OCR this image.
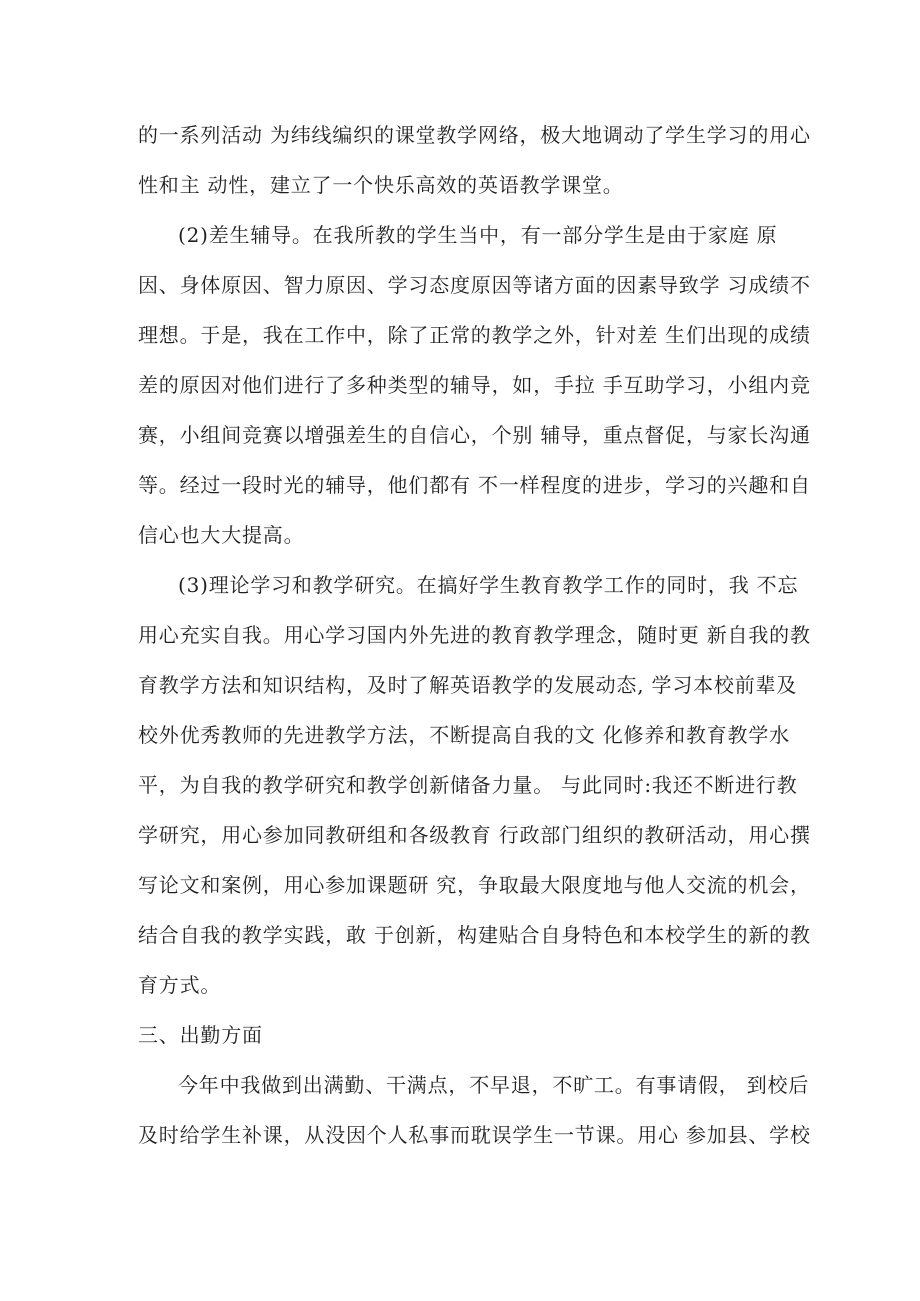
的一系列活动 为纬线编织的课堂教学网络，极大地调动了学生学习的用心
性和主 动性，建立了一个快乐高效的英语教学课堂。
(2)差生辅导。在我所教的学生当中，有一部分学生是由于家庭 原
因、身体原因、智力原因、学习态度原因等诸方面的因素导致学 习成绩不
理想。于是，我在工作中，除了正常的教学之外，针对差 生们出现的成绩
差的原因对他们进行了多种类型的辅导，如，手拉 手互助学习，小组内竞
赛，小组间竞赛以增强差生的自信心，个别 辅导，重点督促，与家长沟通
等。经过一段时光的辅导，他们都有 不一样程度的进步，学习的兴趣和自
信心也大大提高。
(3)理论学习和教学研究。在搞好学生教育教学工作的同时，我 不忘
用心充实自我。用心学习国内外先进的教育教学理念，随时更 新自我的教
育教学方法和知识结构，及时了解英语教学的发展动态, 学习本校前辈及
校外优秀教师的先进教学方法，不断提高自我的文 化修养和教育教学水
平，为自我的教学研究和教学创新储备力量。 与此同时:我还不断进行教
学研究，用心参加同教研组和各级教育 行政部门组织的教研活动，用心撰
写论文和案例，用心参加课题研 究，争取最大限度地与他人交流的机会，
结合自我的教学实践，敢 于创新，构建贴合自身特色和本校学生的新的教
育方式。
三、出勤方面
今年中我做到出满勤、干满点，不早退，不旷工。有事请假， 到校后
及时给学生补课，从没因个人私事而耽误学生一节课。用心 参加县、学校
